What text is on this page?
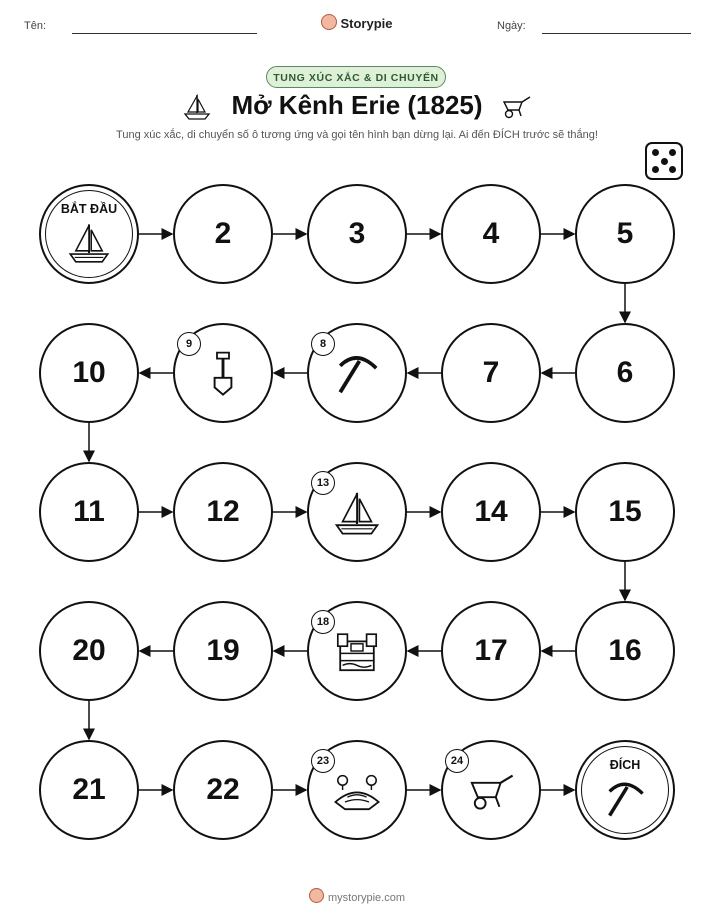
Tên:	Storypie	Ngày:
TUNG XÚC XẮC & DI CHUYỂN
Mở Kênh Erie (1825)
Tung xúc xắc, di chuyển số ô tương ứng và gọi tên hình bạn dừng lại. Ai đến ĐÍCH trước sẽ thắng!
BẮT ĐẦU
2	3	4	5
10
9	8
7	6
11	12
13
14	15
20	19
18
17	16
21	22
23	24	ĐÍCH
mystorypie.com
